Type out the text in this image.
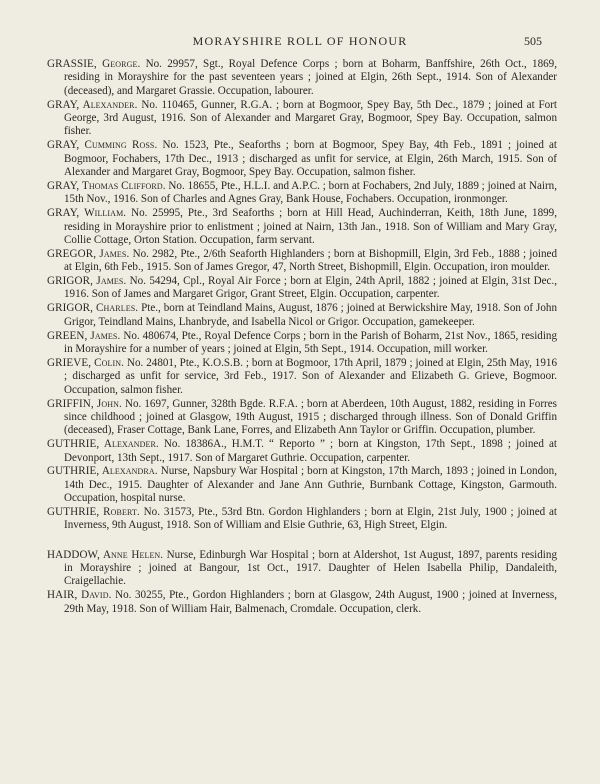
MORAYSHIRE ROLL OF HONOUR	505

GRASSIE, George. No. 29957, Sgt., Royal Defence Corps ; born at Boharm, Banffshire, 26th Oct., 1869, residing in Morayshire for the past seventeen years ; joined at Elgin, 26th Sept., 1914. Son of Alexander (deceased), and Margaret Grassie. Occupation, labourer.

GRAY, Alexander. No. 110465, Gunner, R.G.A. ; born at Bogmoor, Spey Bay, 5th Dec., 1879 ; joined at Fort George, 3rd August, 1916. Son of Alexander and Margaret Gray, Bogmoor, Spey Bay. Occupation, salmon fisher.

GRAY, Cumming Ross. No. 1523, Pte., Seaforths ; born at Bogmoor, Spey Bay, 4th Feb., 1891 ; joined at Bogmoor, Fochabers, 17th Dec., 1913 ; discharged as unfit for service, at Elgin, 26th March, 1915. Son of Alexander and Margaret Gray, Bogmoor, Spey Bay. Occupation, salmon fisher.

GRAY, Thomas Clifford. No. 18655, Pte., H.L.I. and A.P.C. ; born at Fochabers, 2nd July, 1889 ; joined at Nairn, 15th Nov., 1916. Son of Charles and Agnes Gray, Bank House, Fochabers. Occupation, ironmonger.

GRAY, William. No. 25995, Pte., 3rd Seaforths ; born at Hill Head, Auchinderran, Keith, 18th June, 1899, residing in Morayshire prior to enlistment ; joined at Nairn, 13th Jan., 1918. Son of William and Mary Gray, Collie Cottage, Orton Station. Occupation, farm servant.

GREGOR, James. No. 2982, Pte., 2/6th Seaforth Highlanders ; born at Bishopmill, Elgin, 3rd Feb., 1888 ; joined at Elgin, 6th Feb., 1915. Son of James Gregor, 47, North Street, Bishopmill, Elgin. Occupation, iron moulder.

GRIGOR, James. No. 54294, Cpl., Royal Air Force ; born at Elgin, 24th April, 1882 ; joined at Elgin, 31st Dec., 1916. Son of James and Margaret Grigor, Grant Street, Elgin. Occupation, carpenter.

GRIGOR, Charles. Pte., born at Teindland Mains, August, 1876 ; joined at Berwickshire May, 1918. Son of John Grigor, Teindland Mains, Lhanbryde, and Isabella Nicol or Grigor. Occupation, gamekeeper.

GREEN, James. No. 480674, Pte., Royal Defence Corps ; born in the Parish of Boharm, 21st Nov., 1865, residing in Morayshire for a number of years ; joined at Elgin, 5th Sept., 1914. Occupation, mill worker.

GRIEVE, Colin. No. 24801, Pte., K.O.S.B. ; born at Bogmoor, 17th April, 1879 ; joined at Elgin, 25th May, 1916 ; discharged as unfit for service, 3rd Feb., 1917. Son of Alexander and Elizabeth G. Grieve, Bogmoor. Occupation, salmon fisher.

GRIFFIN, John. No. 1697, Gunner, 328th Bgde. R.F.A. ; born at Aberdeen, 10th August, 1882, residing in Forres since childhood ; joined at Glasgow, 19th August, 1915 ; discharged through illness. Son of Donald Griffin (deceased), Fraser Cottage, Bank Lane, Forres, and Elizabeth Ann Taylor or Griffin. Occupation, plumber.

GUTHRIE, Alexander. No. 18386A., H.M.T. “ Reporto ” ; born at Kingston, 17th Sept., 1898 ; joined at Devonport, 13th Sept., 1917. Son of Margaret Guthrie. Occupation, carpenter.

GUTHRIE, Alexandra. Nurse, Napsbury War Hospital ; born at Kingston, 17th March, 1893 ; joined in London, 14th Dec., 1915. Daughter of Alexander and Jane Ann Guthrie, Burnbank Cottage, Kingston, Garmouth. Occupation, hospital nurse.

GUTHRIE, Robert. No. 31573, Pte., 53rd Btn. Gordon Highlanders ; born at Elgin, 21st July, 1900 ; joined at Inverness, 9th August, 1918. Son of William and Elsie Guthrie, 63, High Street, Elgin.

HADDOW, Anne Helen. Nurse, Edinburgh War Hospital ; born at Aldershot, 1st August, 1897, parents residing in Morayshire ; joined at Bangour, 1st Oct., 1917. Daughter of Helen Isabella Philip, Dandaleith, Craigellachie.

HAIR, David. No. 30255, Pte., Gordon Highlanders ; born at Glasgow, 24th August, 1900 ; joined at Inverness, 29th May, 1918. Son of William Hair, Balmenach, Cromdale. Occupation, clerk.
